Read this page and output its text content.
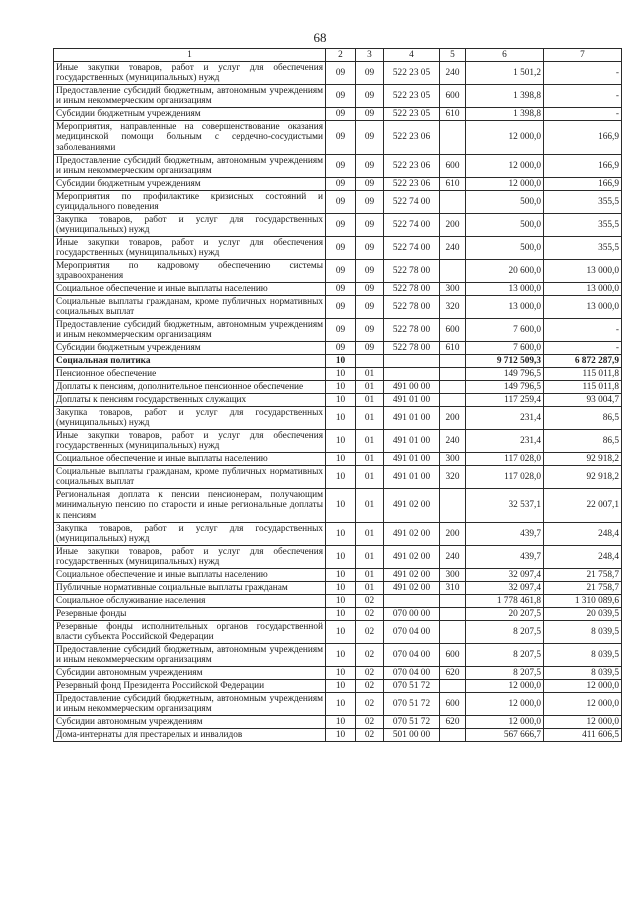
68
1	2	3	4	5	6	7
Иные закупки товаров, работ и услуг для обеспечения государственных (муниципальных) нужд	09	09	522 23 05	240	1 501,2	-
Предоставление субсидий бюджетным, автономным учреждениям и иным некоммерческим организациям	09	09	522 23 05	600	1 398,8	-
Субсидии бюджетным учреждениям	09	09	522 23 05	610	1 398,8	-
Мероприятия, направленные на совершенствование оказания медицинской помощи больным с сердечно-сосудистыми заболеваниями	09	09	522 23 06		12 000,0	166,9
Предоставление субсидий бюджетным, автономным учреждениям и иным некоммерческим организациям	09	09	522 23 06	600	12 000,0	166,9
Субсидии бюджетным учреждениям	09	09	522 23 06	610	12 000,0	166,9
Мероприятия по профилактике кризисных состояний и суицидального поведения	09	09	522 74 00		500,0	355,5
Закупка товаров, работ и услуг для государственных (муниципальных) нужд	09	09	522 74 00	200	500,0	355,5
Иные закупки товаров, работ и услуг для обеспечения государственных (муниципальных) нужд	09	09	522 74 00	240	500,0	355,5
Мероприятия по кадровому обеспечению системы здравоохранения	09	09	522 78 00		20 600,0	13 000,0
Социальное обеспечение и иные выплаты населению	09	09	522 78 00	300	13 000,0	13 000,0
Социальные выплаты гражданам, кроме публичных нормативных социальных выплат	09	09	522 78 00	320	13 000,0	13 000,0
Предоставление субсидий бюджетным, автономным учреждениям и иным некоммерческим организациям	09	09	522 78 00	600	7 600,0	-
Субсидии бюджетным учреждениям	09	09	522 78 00	610	7 600,0	-
Социальная политика	10				9 712 509,3	6 872 287,9
Пенсионное обеспечение	10	01			149 796,5	115 011,8
Доплаты к пенсиям, дополнительное пенсионное обеспечение	10	01	491 00 00		149 796,5	115 011,8
Доплаты к пенсиям государственных служащих	10	01	491 01 00		117 259,4	93 004,7
Закупка товаров, работ и услуг для государственных (муниципальных) нужд	10	01	491 01 00	200	231,4	86,5
Иные закупки товаров, работ и услуг для обеспечения государственных (муниципальных) нужд	10	01	491 01 00	240	231,4	86,5
Социальное обеспечение и иные выплаты населению	10	01	491 01 00	300	117 028,0	92 918,2
Социальные выплаты гражданам, кроме публичных нормативных социальных выплат	10	01	491 01 00	320	117 028,0	92 918,2
Региональная доплата к пенсии пенсионерам, получающим минимальную пенсию по старости и иные региональные доплаты к пенсиям	10	01	491 02 00		32 537,1	22 007,1
Закупка товаров, работ и услуг для государственных (муниципальных) нужд	10	01	491 02 00	200	439,7	248,4
Иные закупки товаров, работ и услуг для обеспечения государственных (муниципальных) нужд	10	01	491 02 00	240	439,7	248,4
Социальное обеспечение и иные выплаты населению	10	01	491 02 00	300	32 097,4	21 758,7
Публичные нормативные социальные выплаты гражданам	10	01	491 02 00	310	32 097,4	21 758,7
Социальное обслуживание населения	10	02			1 778 461,8	1 310 089,6
Резервные фонды	10	02	070 00 00		20 207,5	20 039,5
Резервные фонды исполнительных органов государственной власти субъекта Российской Федерации	10	02	070 04 00		8 207,5	8 039,5
Предоставление субсидий бюджетным, автономным учреждениям и иным некоммерческим организациям	10	02	070 04 00	600	8 207,5	8 039,5
Субсидии автономным учреждениям	10	02	070 04 00	620	8 207,5	8 039,5
Резервный фонд Президента Российской Федерации	10	02	070 51 72		12 000,0	12 000,0
Предоставление субсидий бюджетным, автономным учреждениям и иным некоммерческим организациям	10	02	070 51 72	600	12 000,0	12 000,0
Субсидии автономным учреждениям	10	02	070 51 72	620	12 000,0	12 000,0
Дома-интернаты для престарелых и инвалидов	10	02	501 00 00		567 666,7	411 606,5
